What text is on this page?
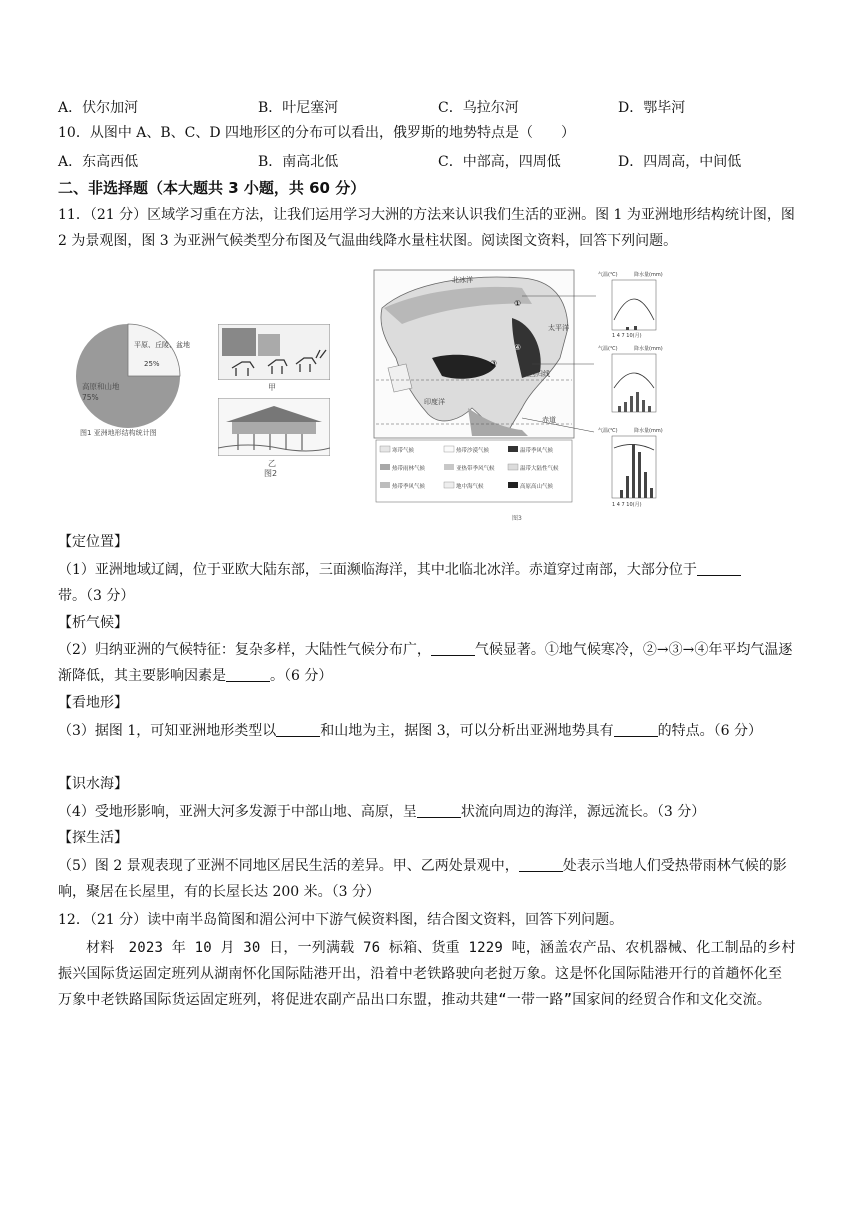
A．伏尔加河	B．叶尼塞河	C．乌拉尔河	D．鄂毕河
10．从图中 A、B、C、D 四地形区的分布可以看出，俄罗斯的地势特点是（　　）
A．东高西低	B．南高北低	C．中部高，四周低	D．四周高，中间低
二、非选择题（本大题共 3 小题，共 60 分）
11．（21 分）区域学习重在方法，让我们运用学习大洲的方法来认识我们生活的亚洲。图 1 为亚洲地形结构统计图，图 2 为景观图，图 3 为亚洲气候类型分布图及气温曲线降水量柱状图。阅读图文资料，回答下列问题。
平原、丘陵、盆地
25%
高原和山地
75%
图1 亚洲地形结构统计图
甲
乙
图2
北冰洋
太平洋
印度洋
北回归线
赤道
①
③
④
寒带气候	热带沙漠气候	温带季风气候
热带雨林气候	亚热带季风气候	温带大陆性气候
热带季风气候	地中海气候	高原高山气候
图3
气温(℃)	降水量(mm)
1 4 7 10(月)
气温(℃)	降水量(mm)
气温(℃)	降水量(mm)
1 4 7 10(月)
【定位置】
（1）亚洲地域辽阔，位于亚欧大陆东部，三面濒临海洋，其中北临北冰洋。赤道穿过南部，大部分位于
带。（3 分）
【析气候】
（2）归纳亚洲的气候特征：复杂多样，大陆性气候分布广，	气候显著。①地气候寒冷，②→③→④年平均气温逐渐降低，其主要影响因素是	。（6 分）
【看地形】
（3）据图 1，可知亚洲地形类型以	和山地为主，据图 3，可以分析出亚洲地势具有	的特点。（6 分）
【识水海】
（4）受地形影响，亚洲大河多发源于中部山地、高原，呈	状流向周边的海洋，源远流长。（3 分）
【探生活】
（5）图 2 景观表现了亚洲不同地区居民生活的差异。甲、乙两处景观中，	处表示当地人们受热带雨林气候的影响，聚居在长屋里，有的长屋长达 200 米。（3 分）
12．（21 分）读中南半岛简图和湄公河中下游气候资料图，结合图文资料，回答下列问题。
材料　2023 年 10 月 30 日，一列满载 76 标箱、货重 1229 吨，涵盖农产品、农机器械、化工制品的乡村振兴国际货运固定班列从湖南怀化国际陆港开出，沿着中老铁路驶向老挝万象。这是怀化国际陆港开行的首趟怀化至万象中老铁路国际货运固定班列，将促进农副产品出口东盟，推动共建“一带一路”国家间的经贸合作和文化交流。
